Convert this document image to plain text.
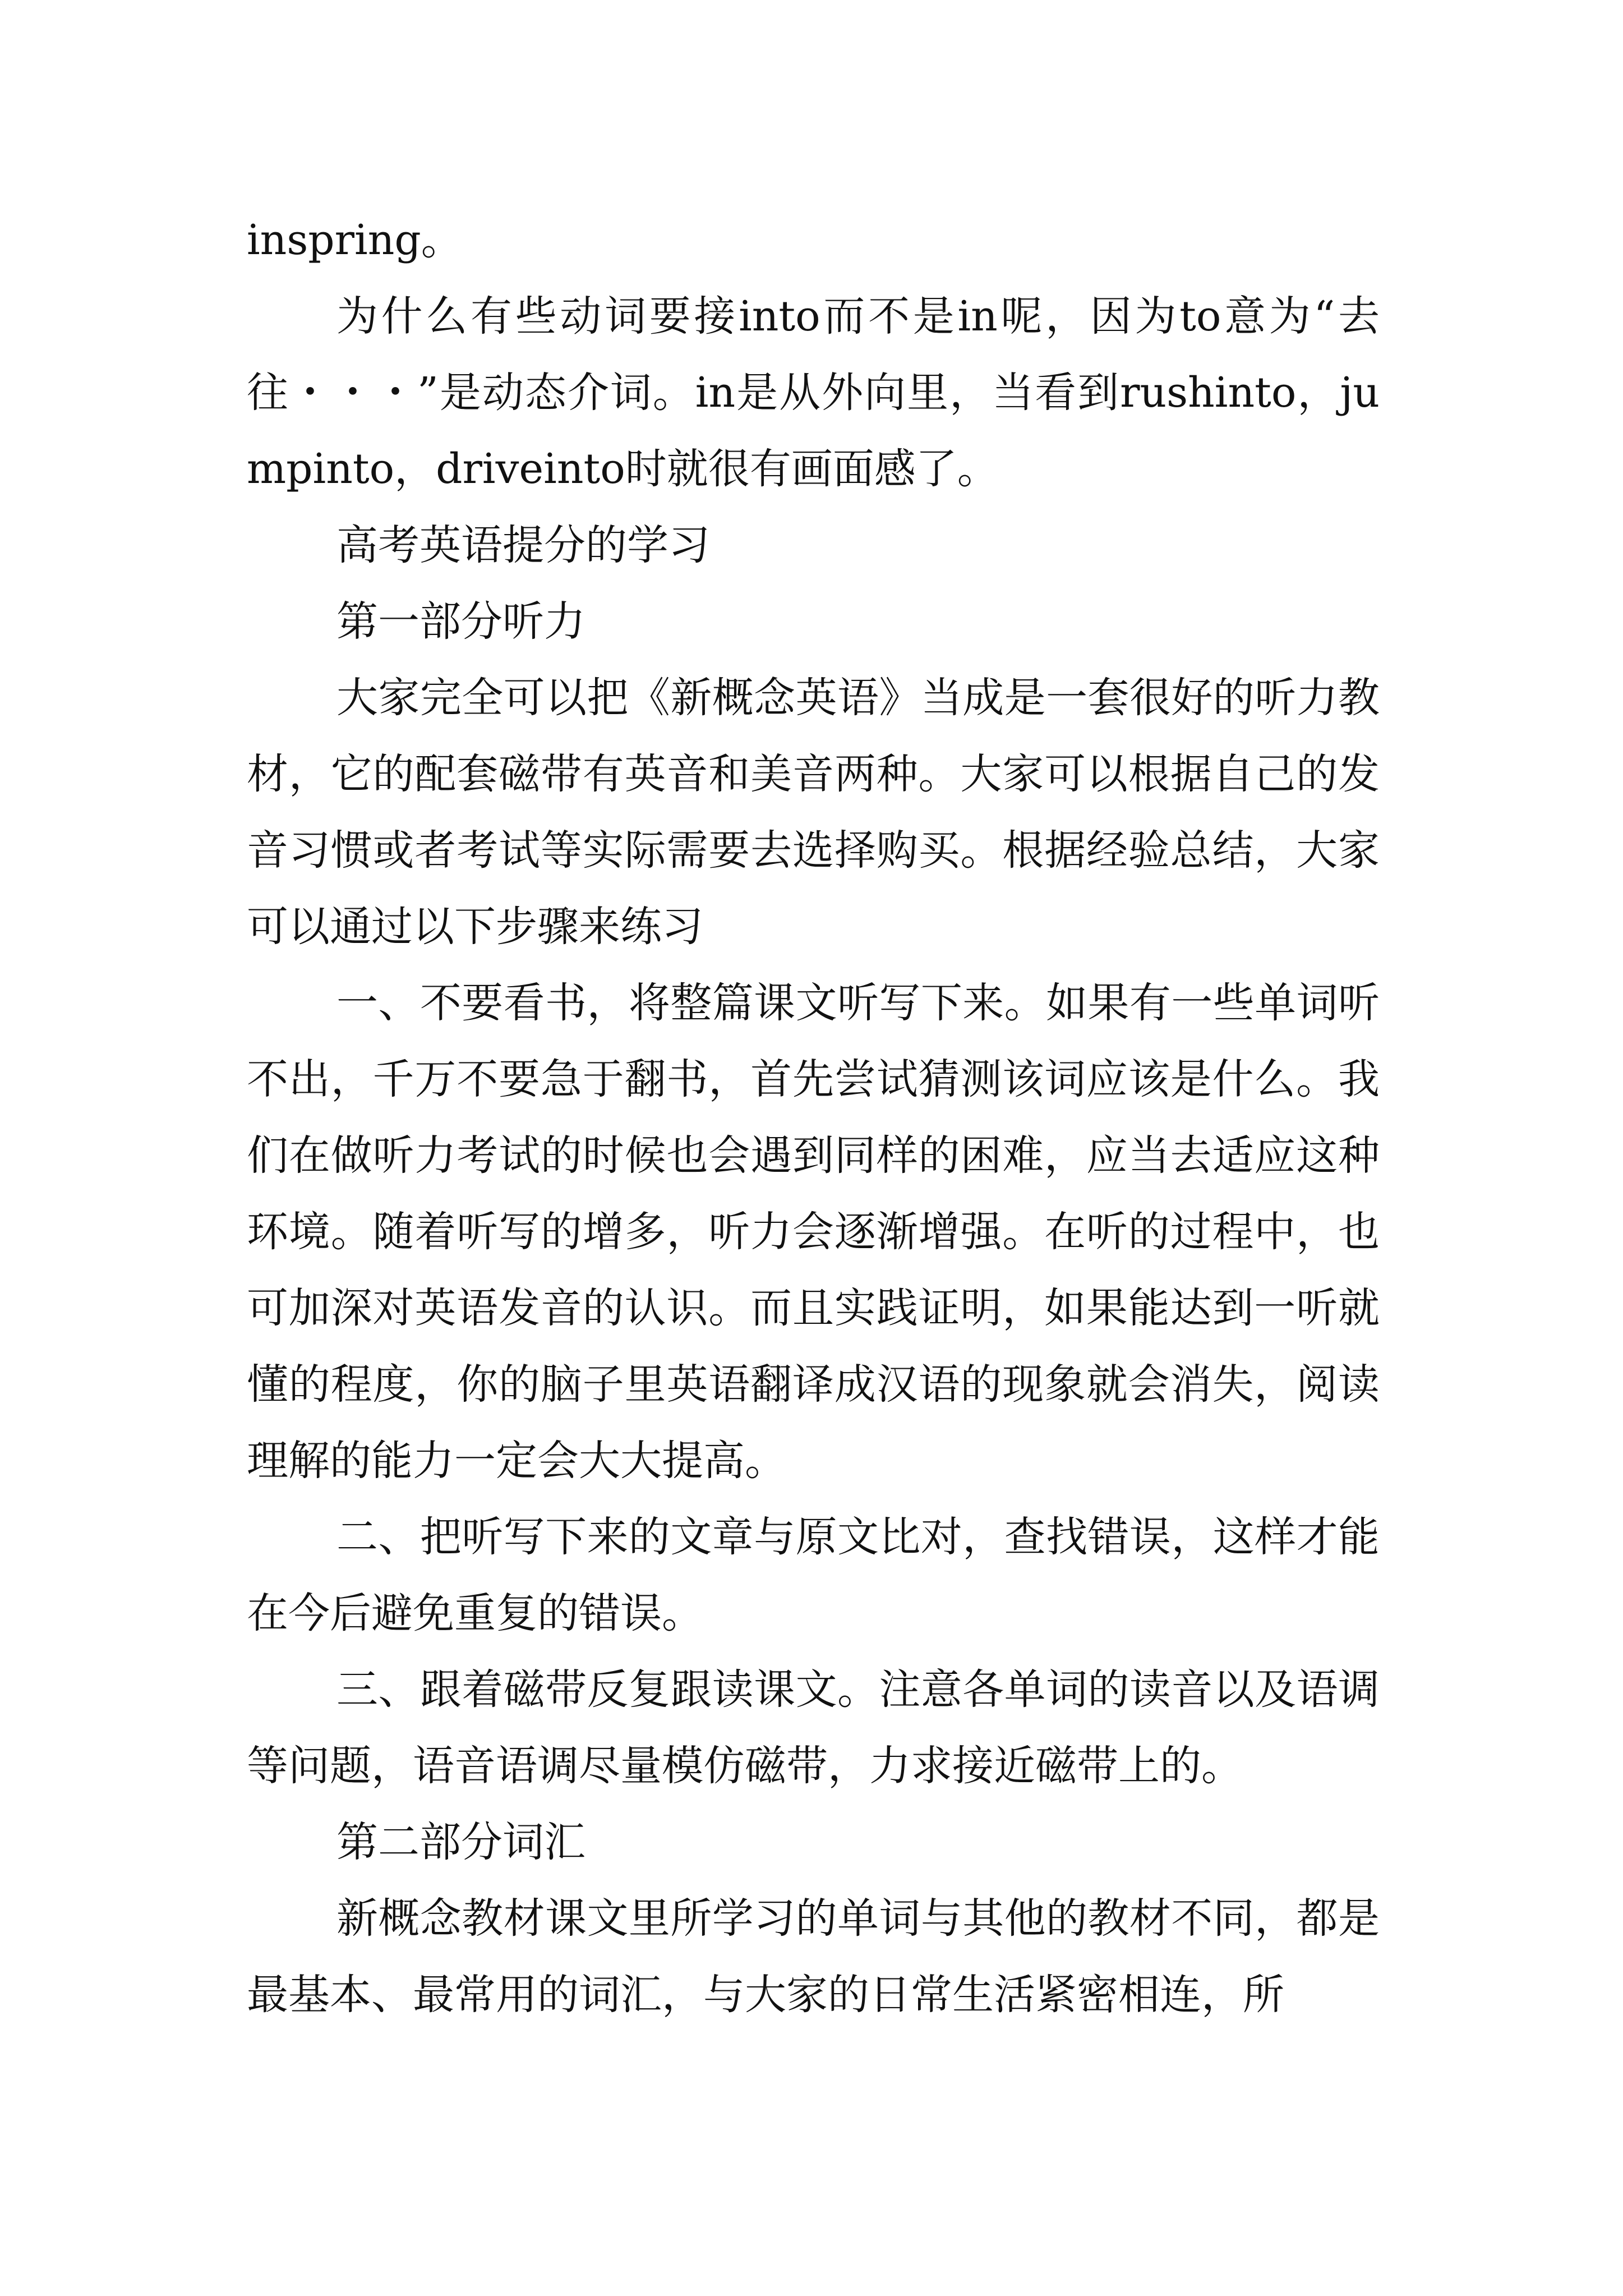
inspring。

为什么有些动词要接into而不是in呢，因为to意为“去往・・・”是动态介词。in是从外向里，当看到rushinto，jumpinto，driveinto时就很有画面感了。

高考英语提分的学习

第一部分听力

大家完全可以把《新概念英语》当成是一套很好的听力教材，它的配套磁带有英音和美音两种。大家可以根据自己的发音习惯或者考试等实际需要去选择购买。根据经验总结，大家可以通过以下步骤来练习

一、不要看书，将整篇课文听写下来。如果有一些单词听不出，千万不要急于翻书，首先尝试猜测该词应该是什么。我们在做听力考试的时候也会遇到同样的困难，应当去适应这种环境。随着听写的增多，听力会逐渐增强。在听的过程中，也可加深对英语发音的认识。而且实践证明，如果能达到一听就懂的程度，你的脑子里英语翻译成汉语的现象就会消失，阅读理解的能力一定会大大提高。

二、把听写下来的文章与原文比对，查找错误，这样才能在今后避免重复的错误。

三、跟着磁带反复跟读课文。注意各单词的读音以及语调等问题，语音语调尽量模仿磁带，力求接近磁带上的。

第二部分词汇

新概念教材课文里所学习的单词与其他的教材不同，都是最基本、最常用的词汇，与大家的日常生活紧密相连，所
